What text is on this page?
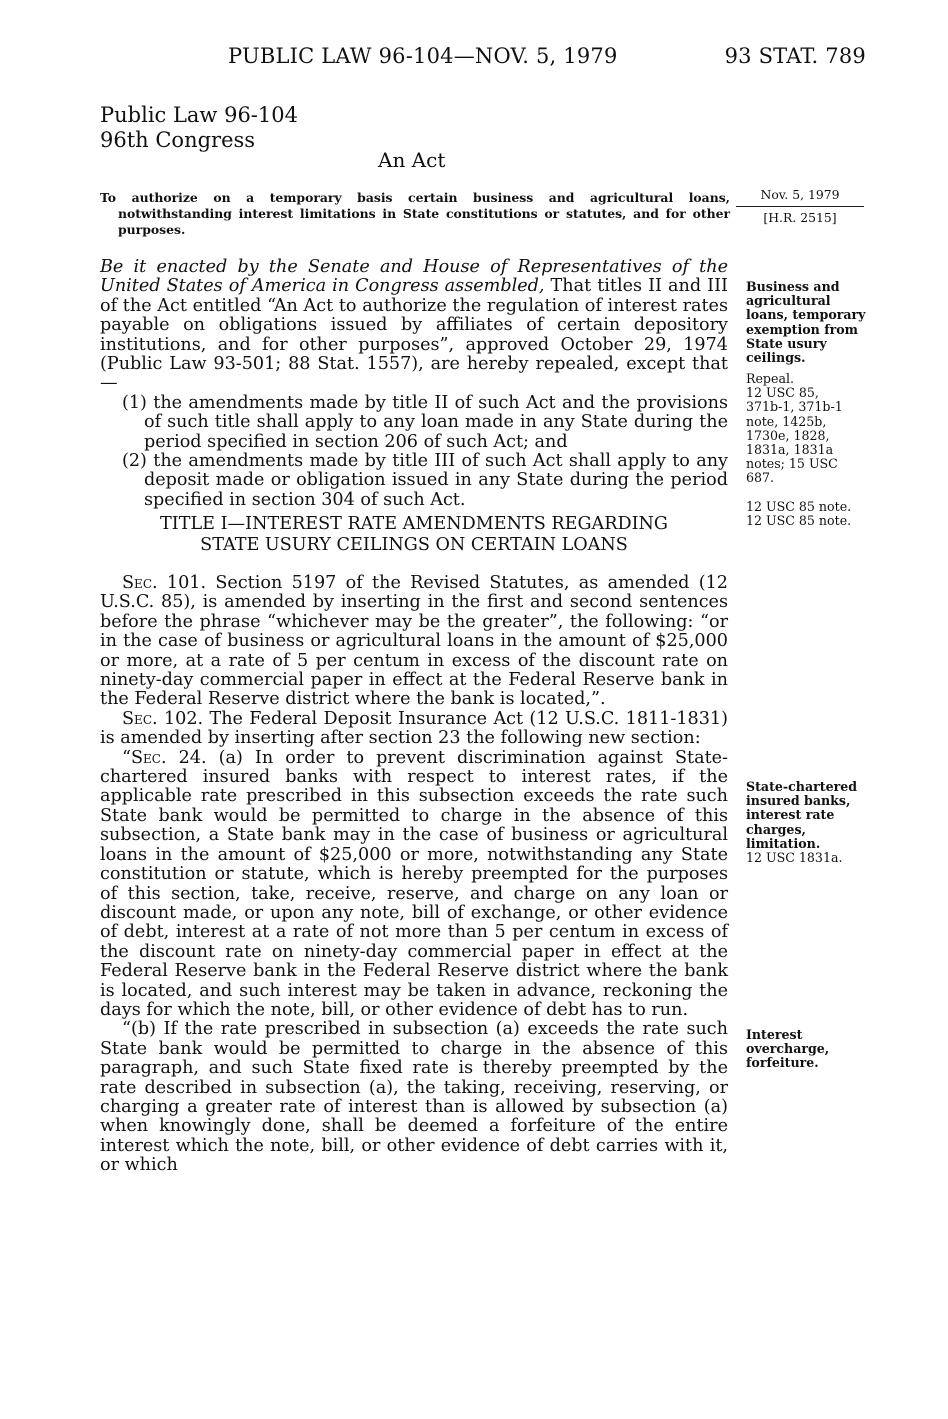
PUBLIC LAW 96-104—NOV. 5, 1979	93 STAT. 789
Public Law 96-104
96th Congress
An Act
To authorize on a temporary basis certain business and agricultural loans, notwithstanding interest limitations in State constitutions or statutes, and for other purposes.
Nov. 5, 1979
[H.R. 2515]

Be it enacted by the Senate and House of Representatives of the United States of America in Congress assembled, That titles II and III of the Act entitled “An Act to authorize the regulation of interest rates payable on obligations issued by affiliates of certain depository institutions, and for other purposes”, approved October 29, 1974 (Public Law 93-501; 88 Stat. 1557), are hereby repealed, except that—

(1) the amendments made by title II of such Act and the provisions of such title shall apply to any loan made in any State during the period specified in section 206 of such Act; and

(2) the amendments made by title III of such Act shall apply to any deposit made or obligation issued in any State during the period specified in section 304 of such Act.

TITLE I—INTEREST RATE AMENDMENTS REGARDING
STATE USURY CEILINGS ON CERTAIN LOANS

Sec. 101. Section 5197 of the Revised Statutes, as amended (12 U.S.C. 85), is amended by inserting in the first and second sentences before the phrase “whichever may be the greater”, the following: “or in the case of business or agricultural loans in the amount of $25,000 or more, at a rate of 5 per centum in excess of the discount rate on ninety-day commercial paper in effect at the Federal Reserve bank in the Federal Reserve district where the bank is located,”.

Sec. 102. The Federal Deposit Insurance Act (12 U.S.C. 1811-1831) is amended by inserting after section 23 the following new section:

“Sec. 24. (a) In order to prevent discrimination against State-chartered insured banks with respect to interest rates, if the applicable rate prescribed in this subsection exceeds the rate such State bank would be permitted to charge in the absence of this subsection, a State bank may in the case of business or agricultural loans in the amount of $25,000 or more, notwithstanding any State constitution or statute, which is hereby preempted for the purposes of this section, take, receive, reserve, and charge on any loan or discount made, or upon any note, bill of exchange, or other evidence of debt, interest at a rate of not more than 5 per centum in excess of the discount rate on ninety-day commercial paper in effect at the Federal Reserve bank in the Federal Reserve district where the bank is located, and such interest may be taken in advance, reckoning the days for which the note, bill, or other evidence of debt has to run.

“(b) If the rate prescribed in subsection (a) exceeds the rate such State bank would be permitted to charge in the absence of this paragraph, and such State fixed rate is thereby preempted by the rate described in subsection (a), the taking, receiving, reserving, or charging a greater rate of interest than is allowed by subsection (a) when knowingly done, shall be deemed a forfeiture of the entire interest which the note, bill, or other evidence of debt carries with it, or which

Business and
agricultural
loans, temporary
exemption from
State usury
ceilings.
Repeal.
12 USC 85,
371b-1, 371b-1
note, 1425b,
1730e, 1828,
1831a, 1831a
notes; 15 USC
687.
12 USC 85 note.
12 USC 85 note.
State-chartered
insured banks,
interest rate
charges,
limitation.
12 USC 1831a.
Interest
overcharge,
forfeiture.
